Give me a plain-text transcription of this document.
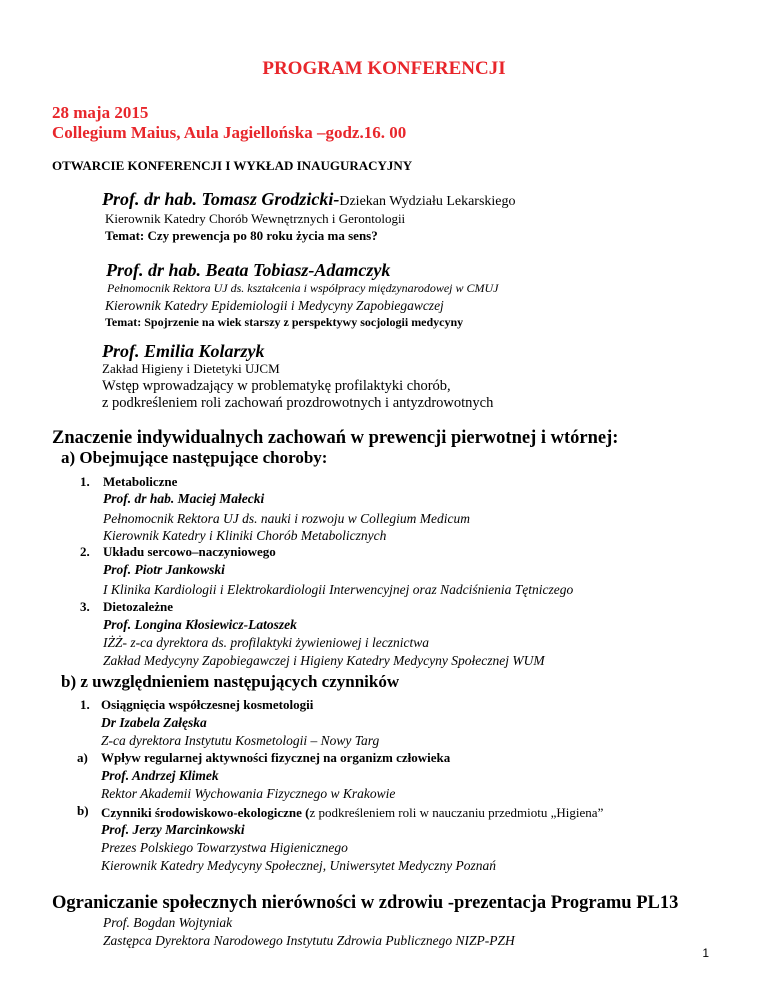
PROGRAM KONFERENCJI
28 maja 2015
Collegium Maius, Aula Jagiellońska –godz.16. 00
OTWARCIE KONFERENCJI I WYKŁAD INAUGURACYJNY
Prof. dr hab. Tomasz Grodzicki-Dziekan Wydziału Lekarskiego
Kierownik Katedry Chorób Wewnętrznych i Gerontologii
Temat: Czy prewencja po 80 roku życia ma sens?
Prof. dr hab. Beata Tobiasz-Adamczyk
Pełnomocnik Rektora UJ ds. kształcenia i współpracy międzynarodowej w CMUJ
Kierownik Katedry Epidemiologii i Medycyny Zapobiegawczej
Temat: Spojrzenie na wiek starszy z perspektywy socjologii medycyny
Prof. Emilia Kolarzyk
Zakład Higieny i Dietetyki UJCM
Wstęp wprowadzający w problematykę profilaktyki chorób,
z podkreśleniem roli zachowań prozdrowotnych i antyzdrowotnych
Znaczenie indywidualnych zachowań w prewencji pierwotnej i wtórnej:
a) Obejmujące następujące choroby:
1. Metaboliczne
Prof. dr hab. Maciej Małecki
Pełnomocnik Rektora UJ ds. nauki i rozwoju w Collegium Medicum
Kierownik Katedry i Kliniki Chorób Metabolicznych
2. Układu sercowo–naczyniowego
Prof. Piotr Jankowski
I Klinika Kardiologii i Elektrokardiologii Interwencyjnej oraz Nadciśnienia Tętniczego
3. Dietozależne
Prof. Longina Kłosiewicz-Latoszek
IŻŻ- z-ca dyrektora ds. profilaktyki żywieniowej i lecznictwa
Zakład Medycyny Zapobiegawczej i Higieny Katedry Medycyny Społecznej WUM
b) z uwzględnieniem następujących czynników
1. Osiągnięcia współczesnej kosmetologii
Dr Izabela Załęska
Z-ca dyrektora Instytutu Kosmetologii – Nowy Targ
a) Wpływ regularnej aktywności fizycznej na organizm człowieka
Prof. Andrzej Klimek
Rektor Akademii Wychowania Fizycznego w Krakowie
b) Czynniki środowiskowo-ekologiczne (z podkreśleniem roli w nauczaniu przedmiotu „Higiena”
Prof. Jerzy Marcinkowski
Prezes Polskiego Towarzystwa Higienicznego
Kierownik Katedry Medycyny Społecznej, Uniwersytet Medyczny Poznań
Ograniczanie społecznych nierówności w zdrowiu -prezentacja Programu PL13
Prof. Bogdan Wojtyniak
Zastępca Dyrektora Narodowego Instytutu Zdrowia Publicznego NIZP-PZH
1
